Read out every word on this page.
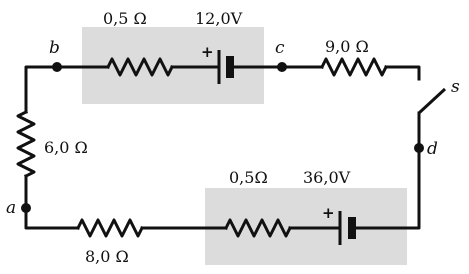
+
+
0,5 Ω	12,0V
9,0 Ω
6,0 Ω
0,5Ω 36,0V
8,0 Ω
b	c
d
a
s
